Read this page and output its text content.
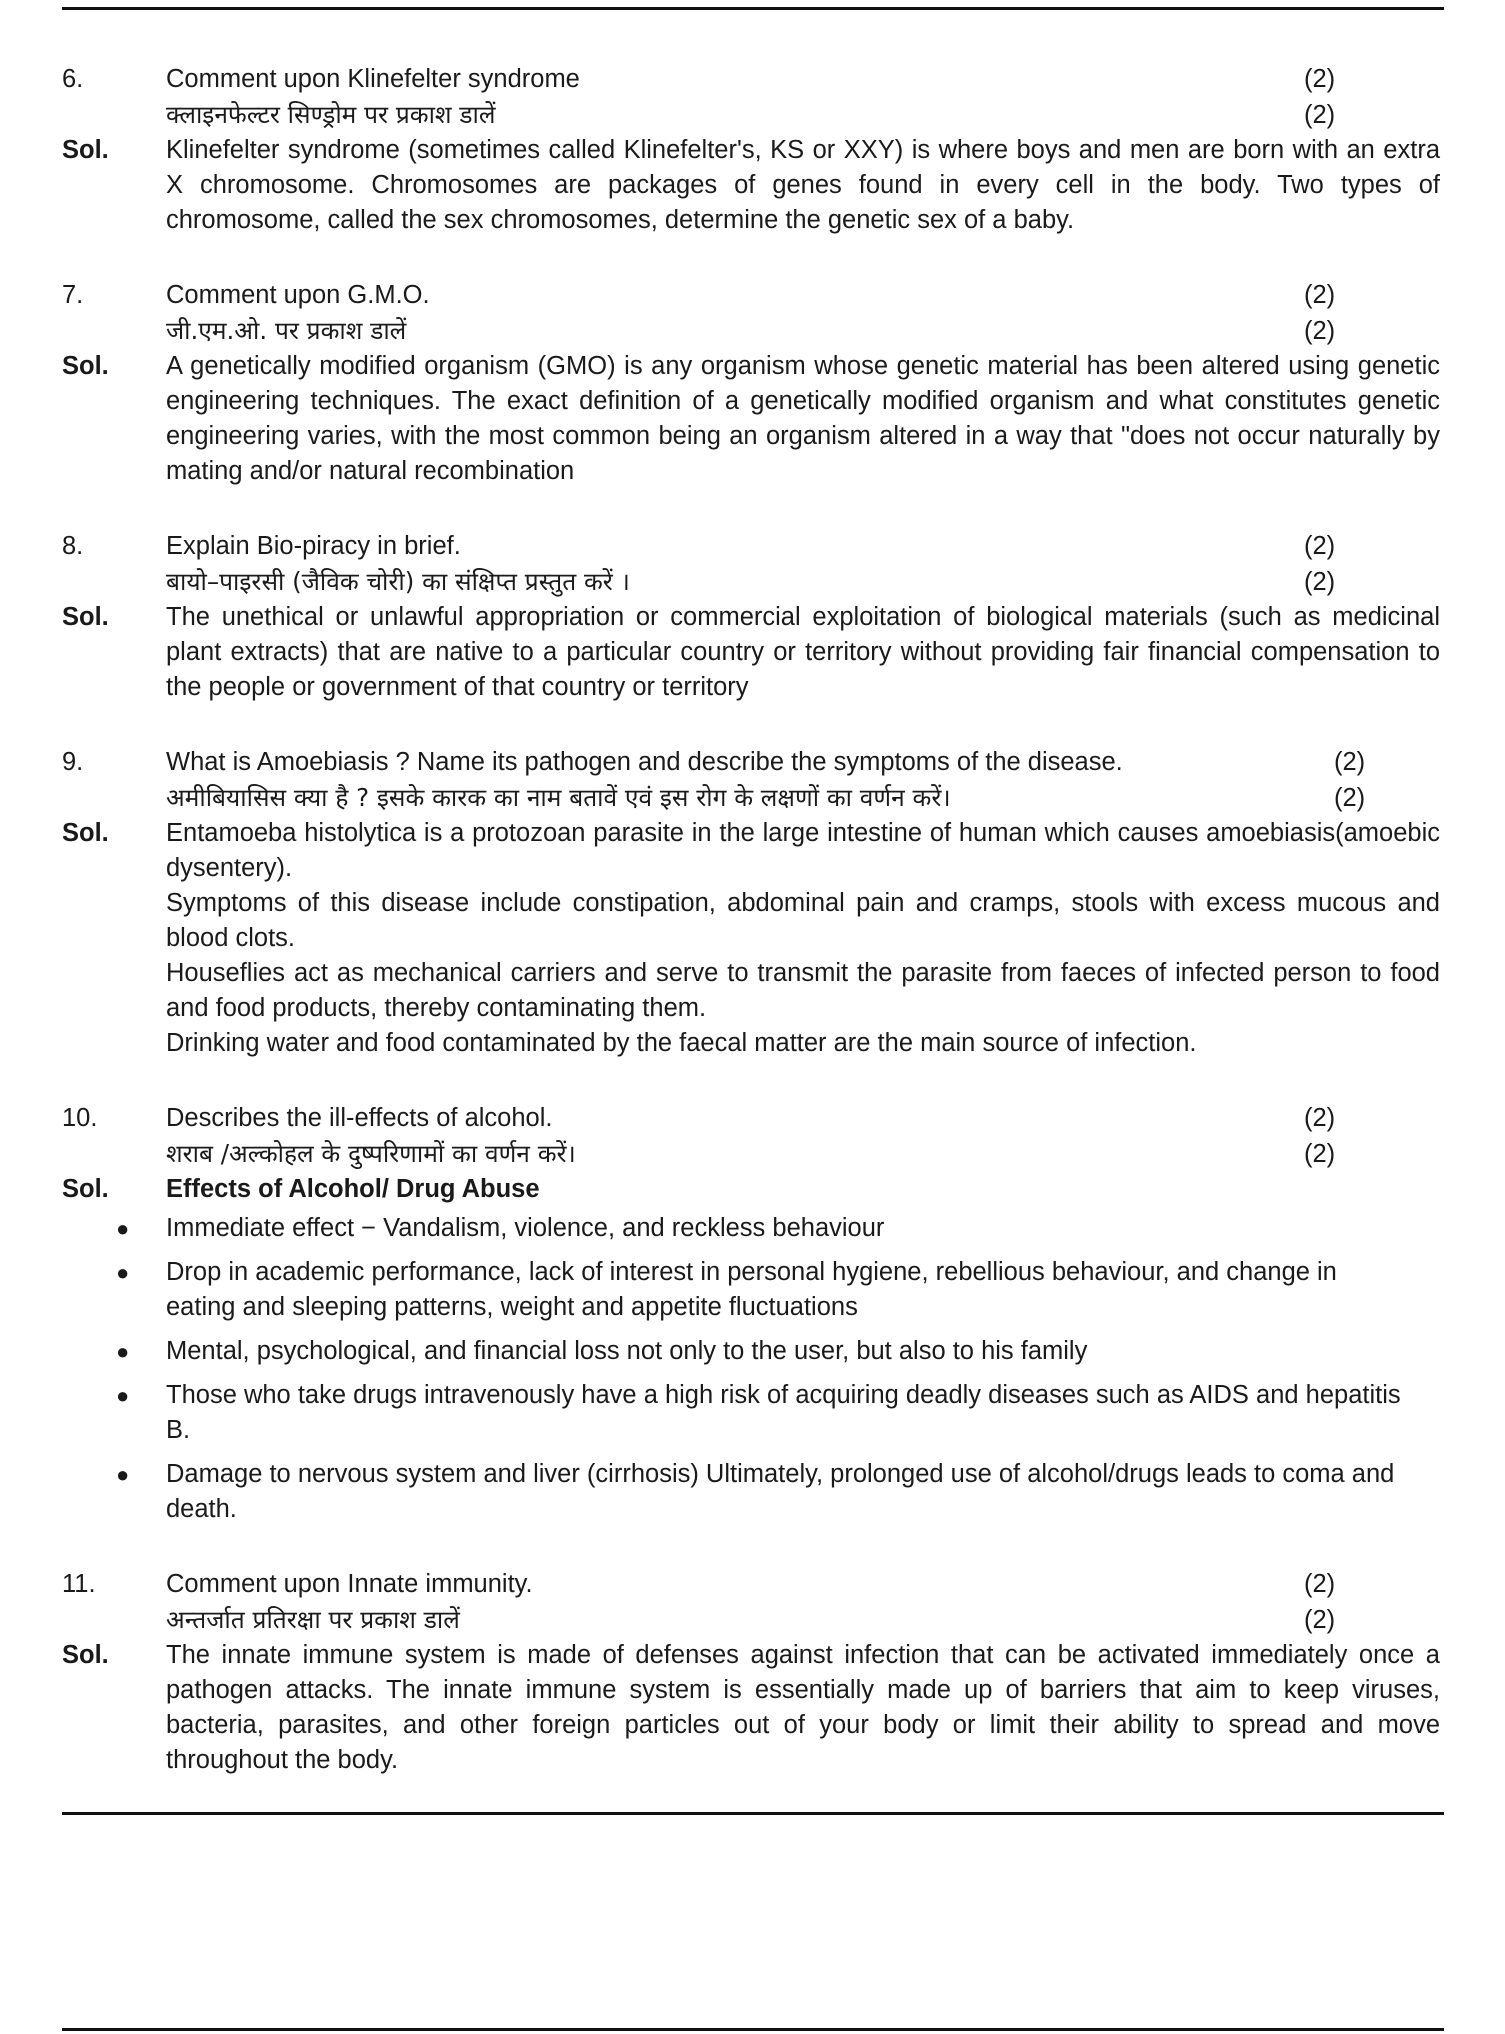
6.	Comment upon Klinefelter syndrome	(2)
क्लाइनफेल्टर सिण्ड्रोम पर प्रकाश डालें	(2)
Sol.	Klinefelter syndrome (sometimes called Klinefelter's, KS or XXY) is where boys and men are born with an extra X chromosome. Chromosomes are packages of genes found in every cell in the body. Two types of chromosome, called the sex chromosomes, determine the genetic sex of a baby.

7.	Comment upon G.M.O.	(2)
जी.एम.ओ. पर प्रकाश डालें	(2)
Sol.	A genetically modified organism (GMO) is any organism whose genetic material has been altered using genetic engineering techniques. The exact definition of a genetically modified organism and what constitutes genetic engineering varies, with the most common being an organism altered in a way that "does not occur naturally by mating and/or natural recombination

8.	Explain Bio-piracy in brief.	(2)
बायो–पाइरसी (जैविक चोरी) का संक्षिप्त प्रस्तुत करें ।	(2)
Sol.	The unethical or unlawful appropriation or commercial exploitation of biological materials (such as medicinal plant extracts) that are native to a particular country or territory without providing fair financial compensation to the people or government of that country or territory

9.	What is Amoebiasis ? Name its pathogen and describe the symptoms of the disease.	(2)
अमीबियासिस क्या है ? इसके कारक का नाम बतावें एवं इस रोग के लक्षणों का वर्णन करें।	(2)
Sol.	Entamoeba histolytica is a protozoan parasite in the large intestine of human which causes amoebiasis(amoebic dysentery).

Symptoms of this disease include constipation, abdominal pain and cramps, stools with excess mucous and blood clots.

Houseflies act as mechanical carriers and serve to transmit the parasite from faeces of infected person to food and food products, thereby contaminating them.

Drinking water and food contaminated by the faecal matter are the main source of infection.

10.	Describes the ill-effects of alcohol.	(2)
शराब /अल्कोहल के दुष्परिणामों का वर्णन करें।	(2)
Sol.	Effects of Alcohol/ Drug Abuse

● Immediate effect − Vandalism, violence, and reckless behaviour
● Drop in academic performance, lack of interest in personal hygiene, rebellious behaviour, and change in eating and sleeping patterns, weight and appetite fluctuations
● Mental, psychological, and financial loss not only to the user, but also to his family
● Those who take drugs intravenously have a high risk of acquiring deadly diseases such as AIDS and hepatitis B.
● Damage to nervous system and liver (cirrhosis) Ultimately, prolonged use of alcohol/drugs leads to coma and death.
11.	Comment upon Innate immunity.	(2)
अन्तर्जात प्रतिरक्षा पर प्रकाश डालें	(2)
Sol.	The innate immune system is made of defenses against infection that can be activated immediately once a pathogen attacks. The innate immune system is essentially made up of barriers that aim to keep viruses, bacteria, parasites, and other foreign particles out of your body or limit their ability to spread and move throughout the body.
